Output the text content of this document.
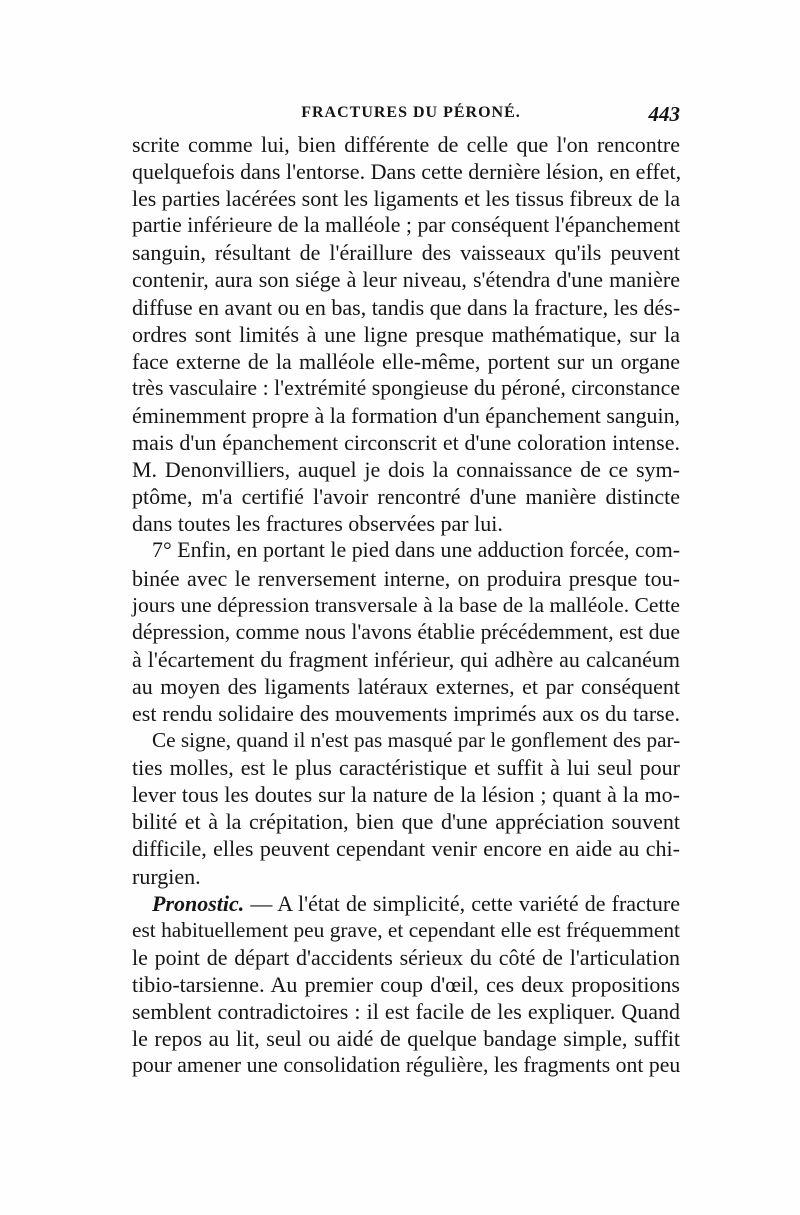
FRACTURES DU PÉRONÉ.	443
scrite comme lui, bien différente de celle que l'on rencontre
quelquefois dans l'entorse. Dans cette dernière lésion, en effet,
les parties lacérées sont les ligaments et les tissus fibreux de la
partie inférieure de la malléole ; par conséquent l'épanchement
sanguin, résultant de l'éraillure des vaisseaux qu'ils peuvent
contenir, aura son siége à leur niveau, s'étendra d'une manière
diffuse en avant ou en bas, tandis que dans la fracture, les dés-
ordres sont limités à une ligne presque mathématique, sur la
face externe de la malléole elle-même, portent sur un organe
très vasculaire : l'extrémité spongieuse du péroné, circonstance
éminemment propre à la formation d'un épanchement sanguin,
mais d'un épanchement circonscrit et d'une coloration intense.
M. Denonvilliers, auquel je dois la connaissance de ce sym-
ptôme, m'a certifié l'avoir rencontré d'une manière distincte
dans toutes les fractures observées par lui.
7° Enfin, en portant le pied dans une adduction forcée, com-
binée avec le renversement interne, on produira presque tou-
jours une dépression transversale à la base de la malléole. Cette
dépression, comme nous l'avons établie précédemment, est due
à l'écartement du fragment inférieur, qui adhère au calcanéum
au moyen des ligaments latéraux externes, et par conséquent
est rendu solidaire des mouvements imprimés aux os du tarse.
Ce signe, quand il n'est pas masqué par le gonflement des par-
ties molles, est le plus caractéristique et suffit à lui seul pour
lever tous les doutes sur la nature de la lésion ; quant à la mo-
bilité et à la crépitation, bien que d'une appréciation souvent
difficile, elles peuvent cependant venir encore en aide au chi-
rurgien.
Pronostic. — A l'état de simplicité, cette variété de fracture
est habituellement peu grave, et cependant elle est fréquemment
le point de départ d'accidents sérieux du côté de l'articulation
tibio-tarsienne. Au premier coup d'œil, ces deux propositions
semblent contradictoires : il est facile de les expliquer. Quand
le repos au lit, seul ou aidé de quelque bandage simple, suffit
pour amener une consolidation régulière, les fragments ont peu
